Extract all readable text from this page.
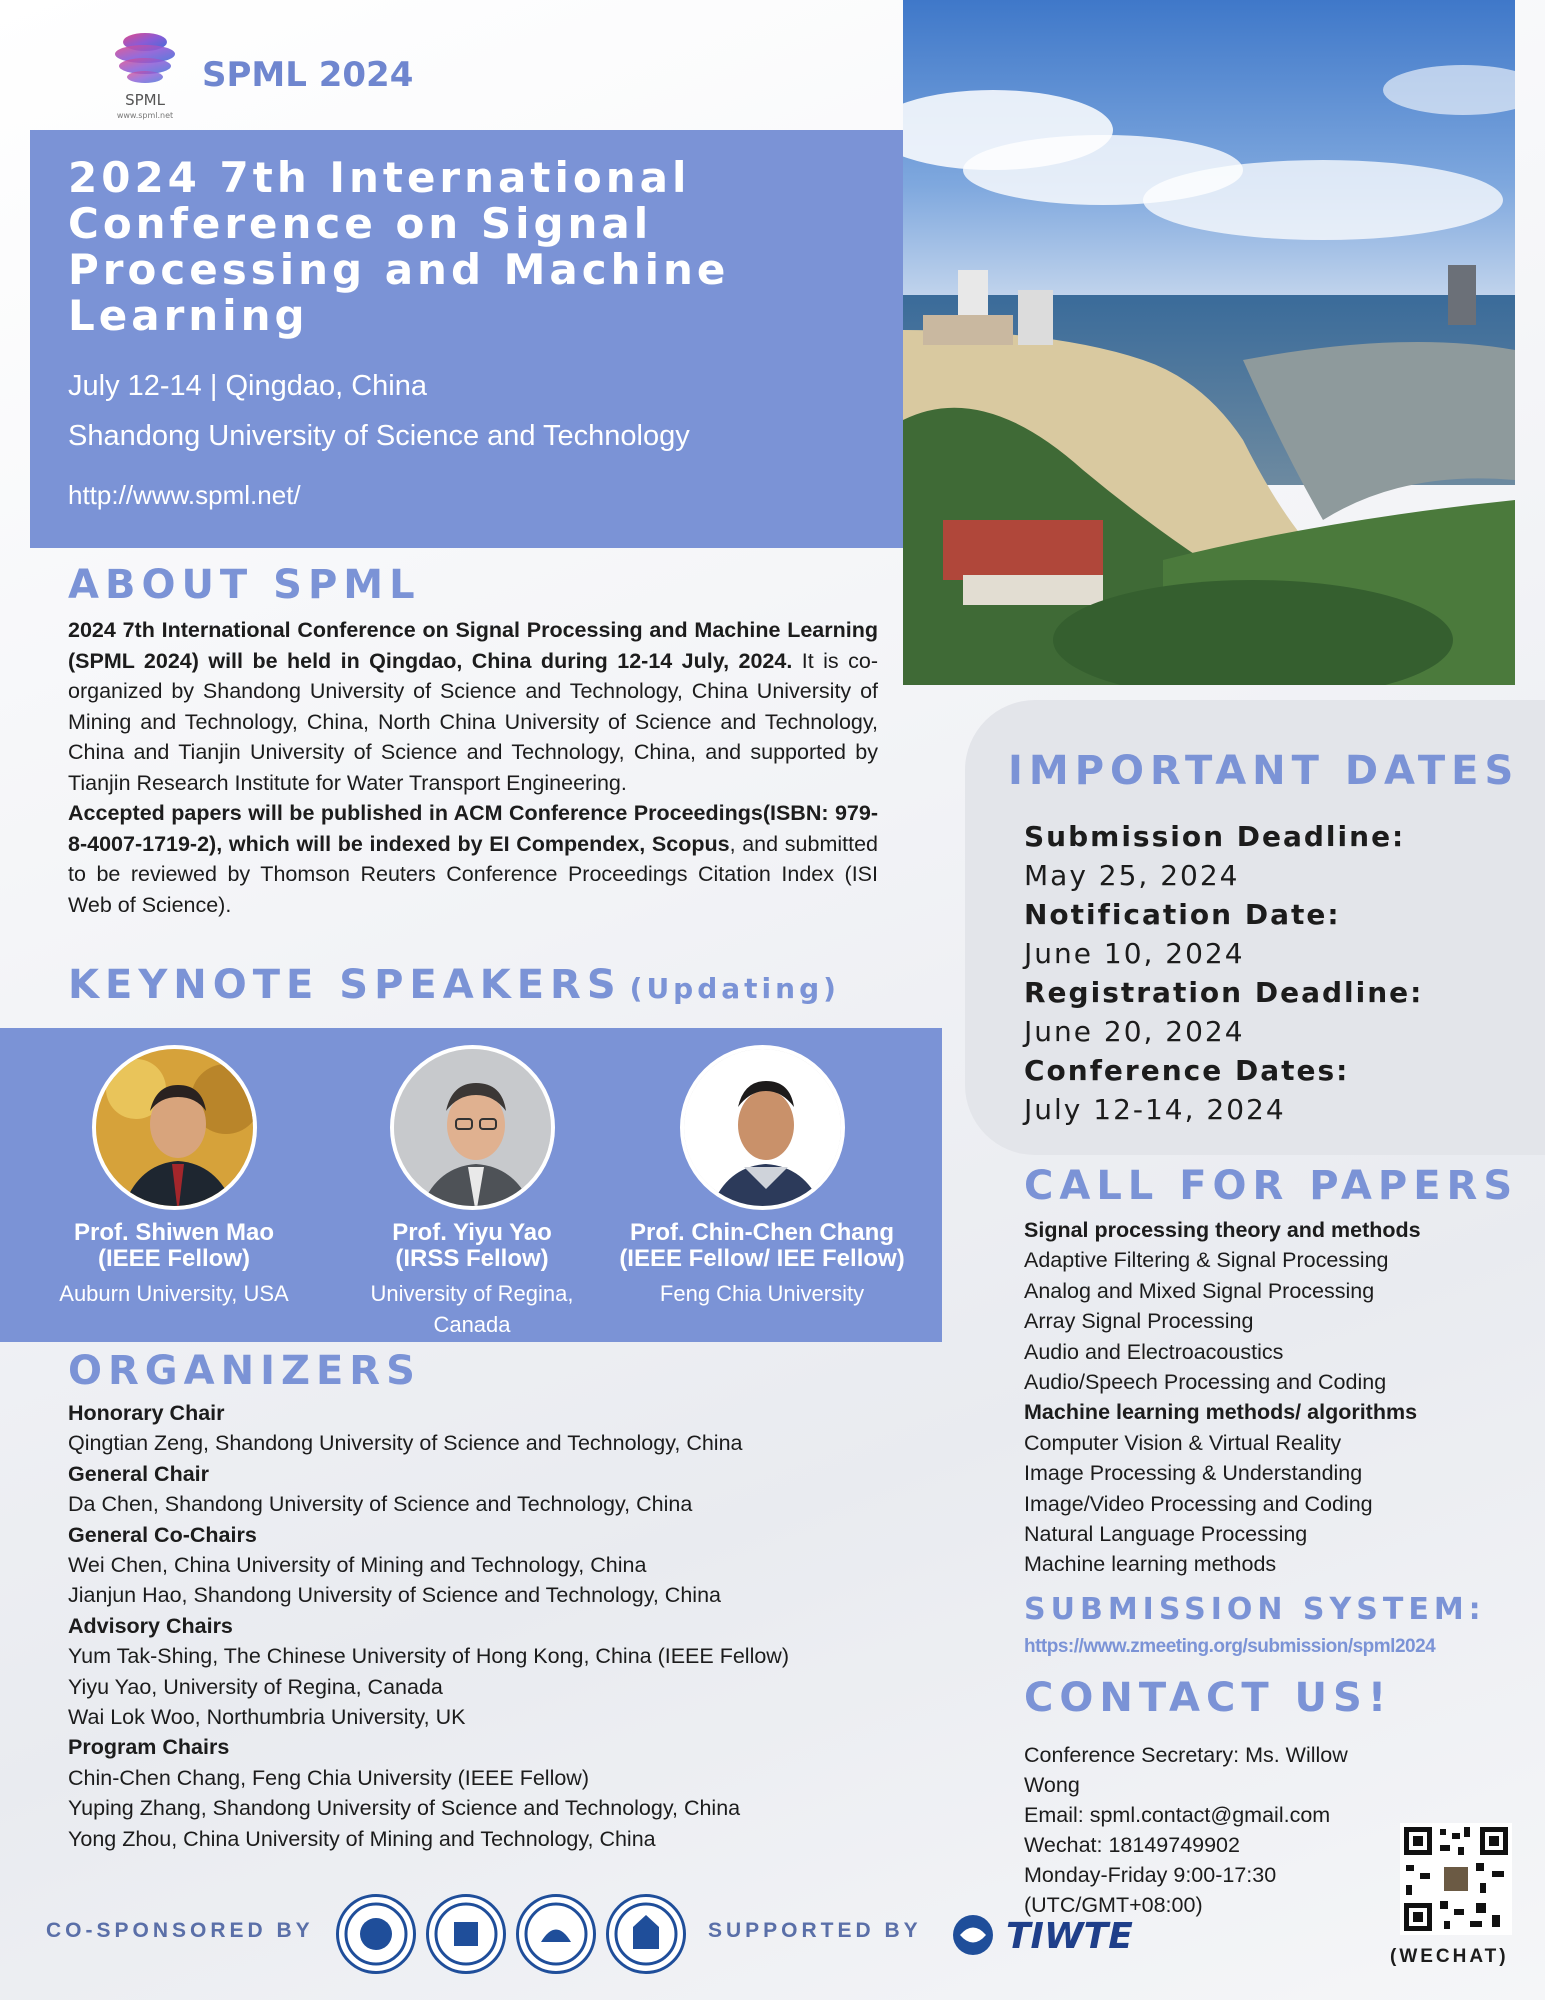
SPML
www.spml.net
SPML 2024
2024 7th International
Conference on Signal
Processing and Machine
Learning
July 12-14 | Qingdao, China
Shandong University of Science and Technology
http://www.spml.net/
ABOUT SPML
2024 7th International Conference on Signal Processing and Machine Learning (SPML 2024) will be held in Qingdao, China during 12-14 July, 2024. It is co-organized by Shandong University of Science and Technology, China University of Mining and Technology, China, North China University of Science and Technology, China and Tianjin University of Science and Technology, China, and supported by Tianjin Research Institute for Water Transport Engineering.
Accepted papers will be published in ACM Conference Proceedings(ISBN: 979-8-4007-1719-2), which will be indexed by EI Compendex, Scopus, and submitted to be reviewed by Thomson Reuters Conference Proceedings Citation Index (ISI Web of Science).
KEYNOTE SPEAKERS (Updating)
Prof. Shiwen Mao
(IEEE Fellow)
Auburn University, USA
Prof. Yiyu Yao
(IRSS Fellow)
University of Regina, Canada
Prof. Chin-Chen Chang
(IEEE Fellow/ IEE Fellow)
Feng Chia University
ORGANIZERS
Honorary Chair
Qingtian Zeng, Shandong University of Science and Technology, China
General Chair
Da Chen, Shandong University of Science and Technology, China
General Co-Chairs
Wei Chen, China University of Mining and Technology, China
Jianjun Hao, Shandong University of Science and Technology, China
Advisory Chairs
Yum Tak-Shing, The Chinese University of Hong Kong, China (IEEE Fellow)
Yiyu Yao, University of Regina, Canada
Wai Lok Woo, Northumbria University, UK
Program Chairs
Chin-Chen Chang, Feng Chia University (IEEE Fellow)
Yuping Zhang, Shandong University of Science and Technology, China
Yong Zhou, China University of Mining and Technology, China
CO-SPONSORED BY	SUPPORTED BY TIWTE
IMPORTANT DATES
Submission Deadline:
May 25, 2024
Notification Date:
June 10, 2024
Registration Deadline:
June 20, 2024
Conference Dates:
July 12-14, 2024
CALL FOR PAPERS
Signal processing theory and methods
Adaptive Filtering & Signal Processing
Analog and Mixed Signal Processing
Array Signal Processing
Audio and Electroacoustics
Audio/Speech Processing and Coding
Machine learning methods/ algorithms
Computer Vision & Virtual Reality
Image Processing & Understanding
Image/Video Processing and Coding
Natural Language Processing
Machine learning methods
SUBMISSION SYSTEM:
https://www.zmeeting.org/submission/spml2024
CONTACT US!
Conference Secretary: Ms. Willow Wong
Email: spml.contact@gmail.com
Wechat: 18149749902
Monday-Friday 9:00-17:30
(UTC/GMT+08:00)
(WECHAT)
